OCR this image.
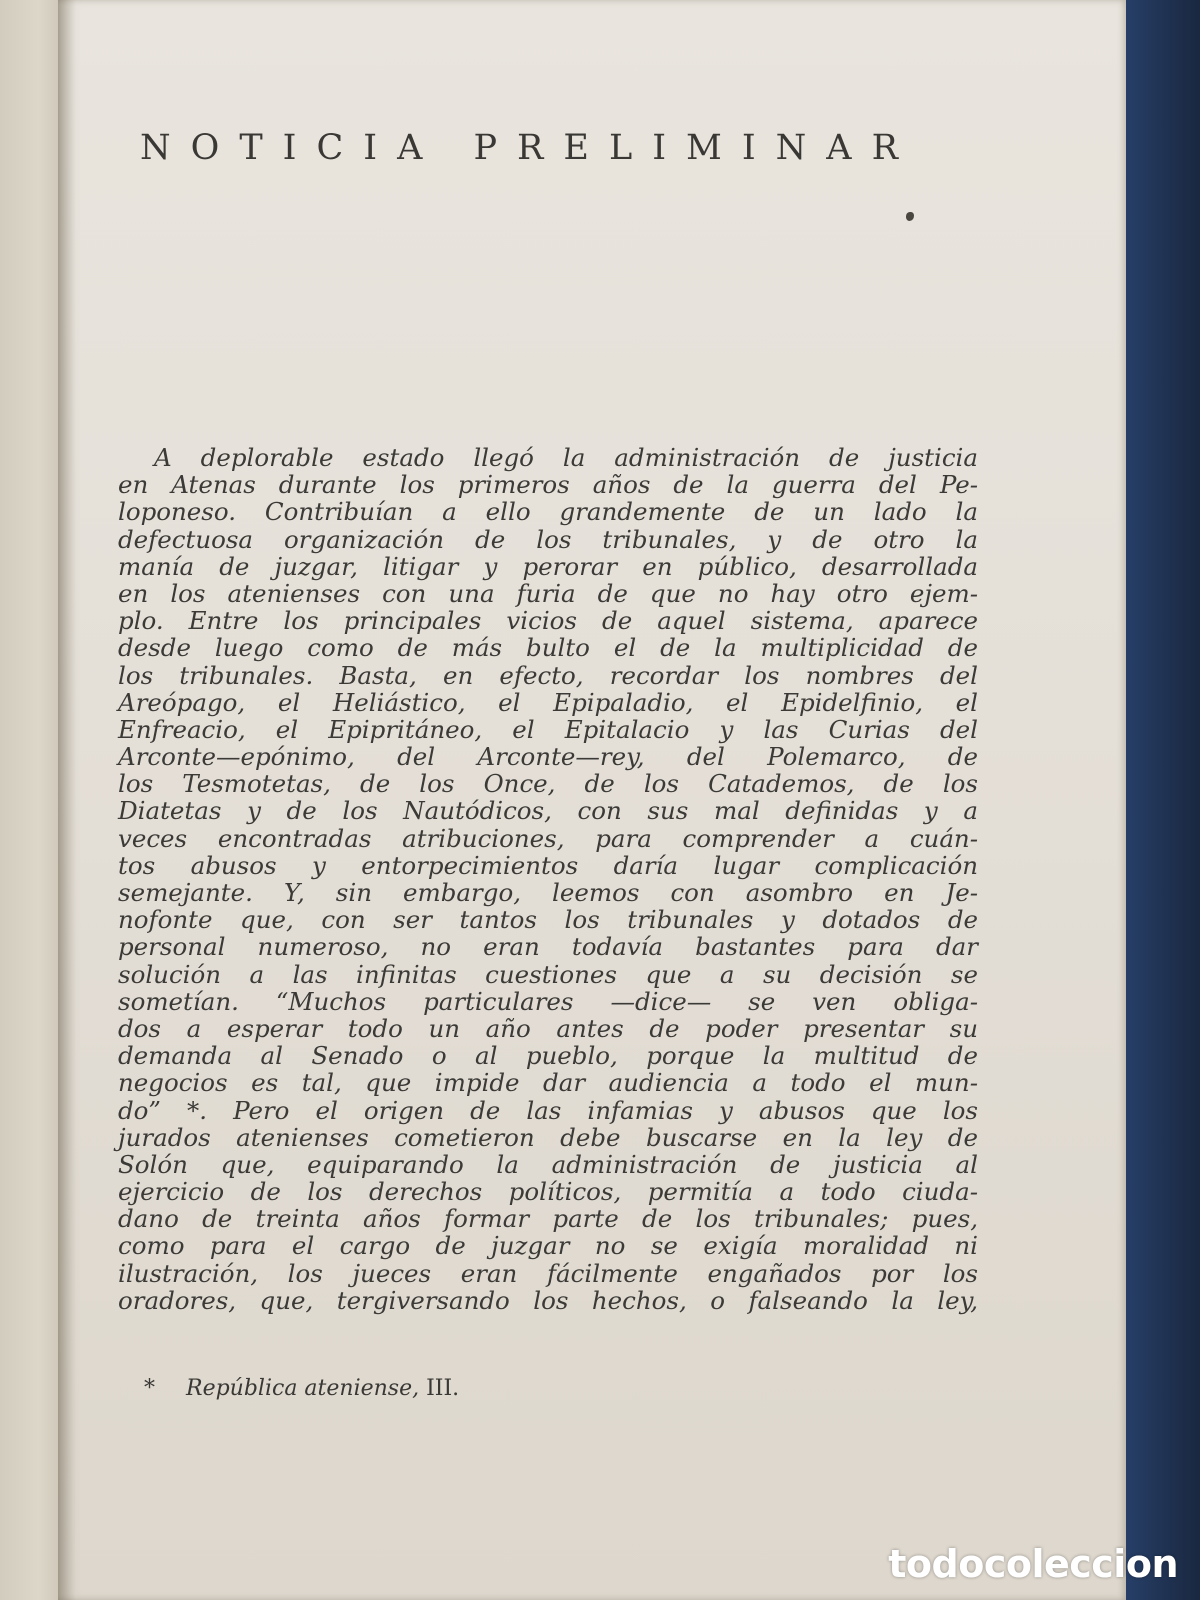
NOTICIA PRELIMINAR
A deplorable estado llegó la administración de justicia
en Atenas durante los primeros años de la guerra del Pe-
loponeso. Contribuían a ello grandemente de un lado la
defectuosa organización de los tribunales, y de otro la
manía de juzgar, litigar y perorar en público, desarrollada
en los atenienses con una furia de que no hay otro ejem-
plo. Entre los principales vicios de aquel sistema, aparece
desde luego como de más bulto el de la multiplicidad de
los tribunales. Basta, en efecto, recordar los nombres del
Areópago, el Heliástico, el Epipaladio, el Epidelfinio, el
Enfreacio, el Epipritáneo, el Epitalacio y las Curias del
Arconte—epónimo, del Arconte—rey, del Polemarco, de
los Tesmotetas, de los Once, de los Catademos, de los
Diatetas y de los Nautódicos, con sus mal definidas y a
veces encontradas atribuciones, para comprender a cuán-
tos abusos y entorpecimientos daría lugar complicación
semejante. Y, sin embargo, leemos con asombro en Je-
nofonte que, con ser tantos los tribunales y dotados de
personal numeroso, no eran todavía bastantes para dar
solución a las infinitas cuestiones que a su decisión se
sometían. “Muchos particulares —dice— se ven obliga-
dos a esperar todo un año antes de poder presentar su
demanda al Senado o al pueblo, porque la multitud de
negocios es tal, que impide dar audiencia a todo el mun-
do” *. Pero el origen de las infamias y abusos que los
jurados atenienses cometieron debe buscarse en la ley de
Solón que, equiparando la administración de justicia al
ejercicio de los derechos políticos, permitía a todo ciuda-
dano de treinta años formar parte de los tribunales; pues,
como para el cargo de juzgar no se exigía moralidad ni
ilustración, los jueces eran fácilmente engañados por los
oradores, que, tergiversando los hechos, o falseando la ley,
* República ateniense, III.
todocoleccion
